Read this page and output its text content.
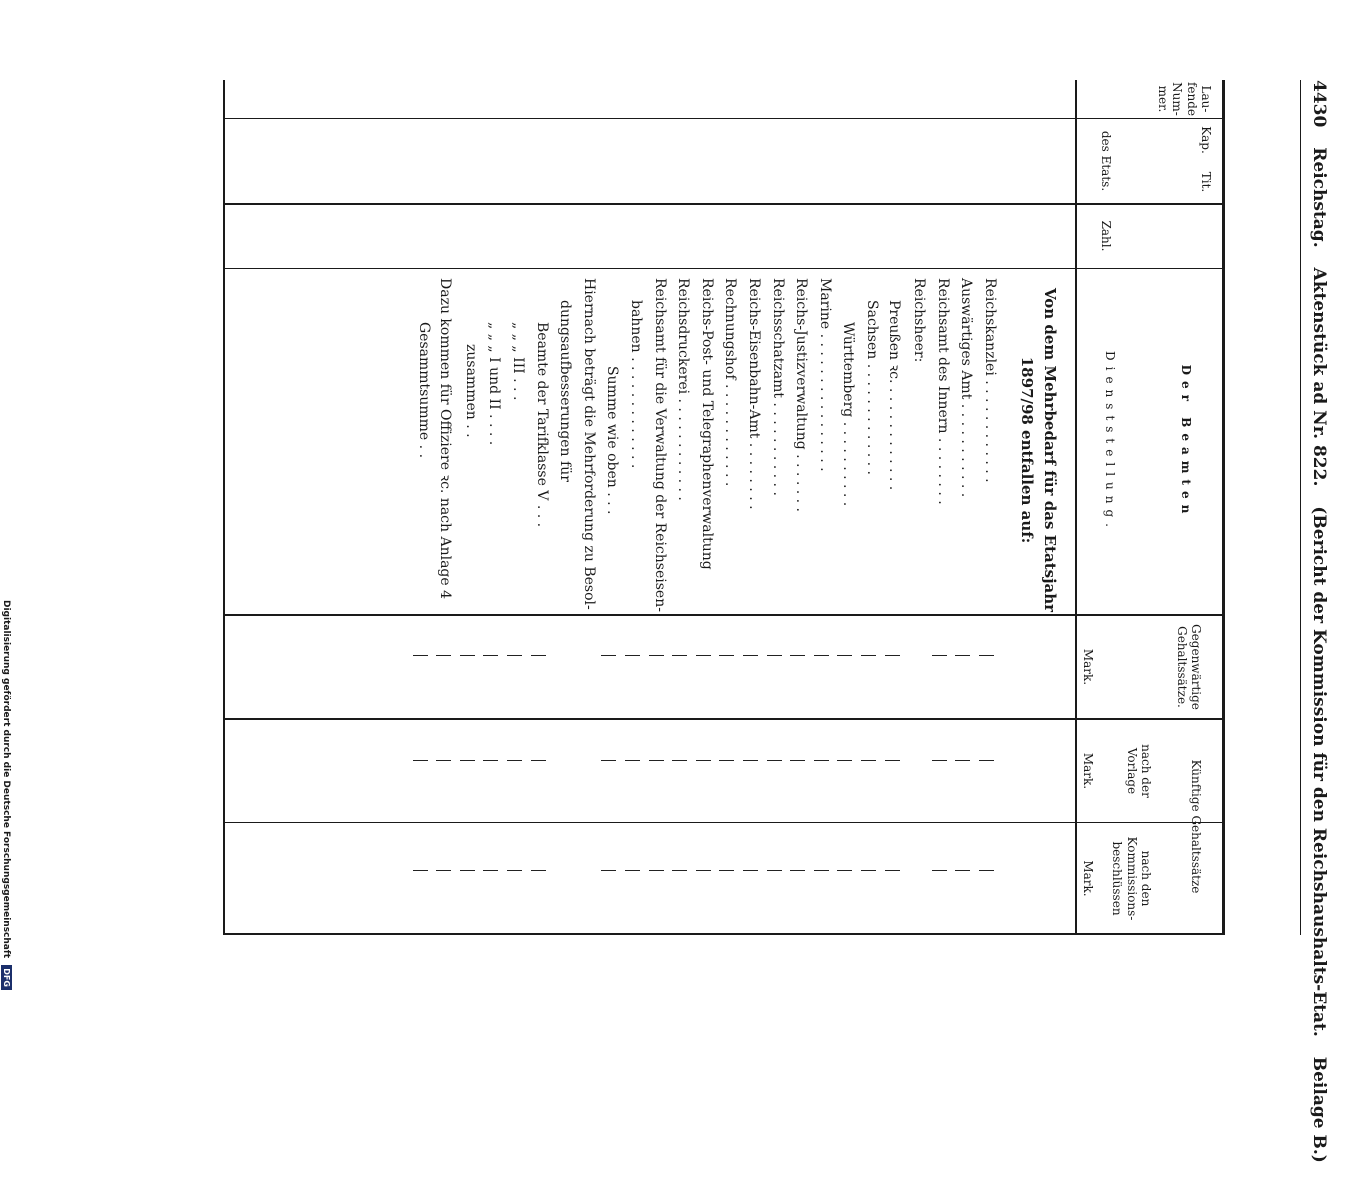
4430 Reichstag. Aktenstück ad Nr. 822. (Bericht der Kommission für den Reichshaushalts-Etat. Beilage B.)
Lau- fende Num- mer.
Kap.
Tit.
des Etats.
Zahl.
Der Beamten
Dienststellung.
Gegenwärtige Gehaltssätze.
Künftige Gehaltssätze
nach der Vorlage
nach den Kommissions- beschlüssen
Mark.
Mark.
Mark.
Von dem Mehrbedarf für das Etatsjahr
1897/98 entfallen auf:
Reichskanzlei . . . . . . . . . . . .
Auswärtiges Amt . . . . . . . . . . .
Reichsamt des Innern . . . . . . . .
Reichsheer:
Preußen ꝛc. . . . . . . . . . . . .
Sachsen . . . . . . . . . . . . .
Württemberg . . . . . . . . . .
Marine . . . . . . . . . . . . . . . .
Reichs-Justizverwaltung . . . . . . .
Reichsschatzamt . . . . . . . . . . .
Reichs-Eisenbahn-Amt . . . . . . . .
Rechnungshof . . . . . . . . . . . .
Reichs-Post- und Telegraphenverwaltung
Reichsdruckerei . . . . . . . . . . . .
Reichsamt für die Verwaltung der Reichseisen-
bahnen . . . . . . . . . . . . .
Summe wie oben . . .
Hiernach beträgt die Mehrforderung zu Besol-
dungsaufbesserungen für
Beamte der Tarifklasse V . . .
„ „ „ III . . .
„ „ „ I und II . . . .
zusammen . .
Dazu kommen für Offiziere ꝛc. nach Anlage 4
Gesammtsumme . .
Digitalisierung gefördert durch die Deutsche Forschungsgemeinschaft DFG
